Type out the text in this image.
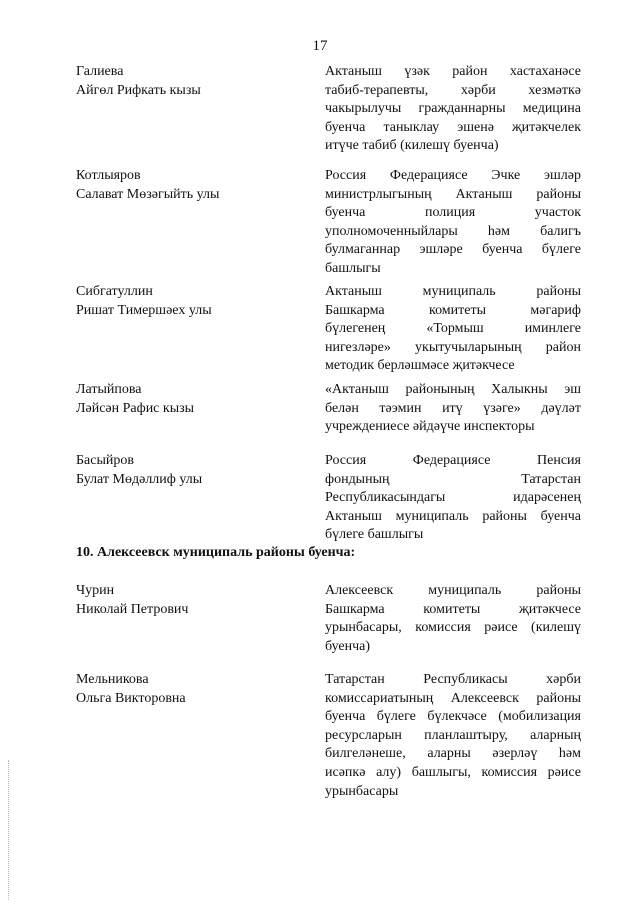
17
Галиева
Айгөл Рифкать кызы
Актаныш үзәк район хастаханәсе
табиб-терапевты, хәрби хезмәткә
чакырылучы гражданнарны медицина
буенча таныклау эшенә җитәкчелек
итүче табиб (килешү буенча)
Котлыяров
Салават Мөзәгыйть улы
Россия Федерациясе Эчке эшләр
министрлыгының Актаныш районы
буенча полиция участок
уполномоченныйлары һәм балигъ
булмаганнар эшләре буенча бүлеге
башлыгы
Сибгатуллин
Ришат Тимершәех улы
Актаныш муниципаль районы
Башкарма комитеты мәгариф
бүлегенең «Тормыш иминлеге
нигезләре» укытучыларының район
методик берләшмәсе җитәкчесе
Латыйпова
Ләйсән Рафис кызы
«Актаныш районының Халыкны эш
белән тәэмин итү үзәге» дәүләт
учреждениесе әйдәүче инспекторы
Басыйров
Булат Мөдәллиф улы
Россия Федерациясе Пенсия
фондының Татарстан
Республикасындагы идарәсенең
Актаныш муниципаль районы буенча
бүлеге башлыгы
10. Алексеевск муниципаль районы буенча:
Чурин
Николай Петрович
Алексеевск муниципаль районы
Башкарма комитеты җитәкчесе
урынбасары, комиссия рәисе (килешү
буенча)
Мельникова
Ольга Викторовна
Татарстан Республикасы хәрби
комиссариатының Алексеевск районы
буенча бүлеге бүлекчәсе (мобилизация
ресурсларын планлаштыру, аларның
билгеләнеше, аларны әзерләү һәм
исәпкә алу) башлыгы, комиссия рәисе
урынбасары
